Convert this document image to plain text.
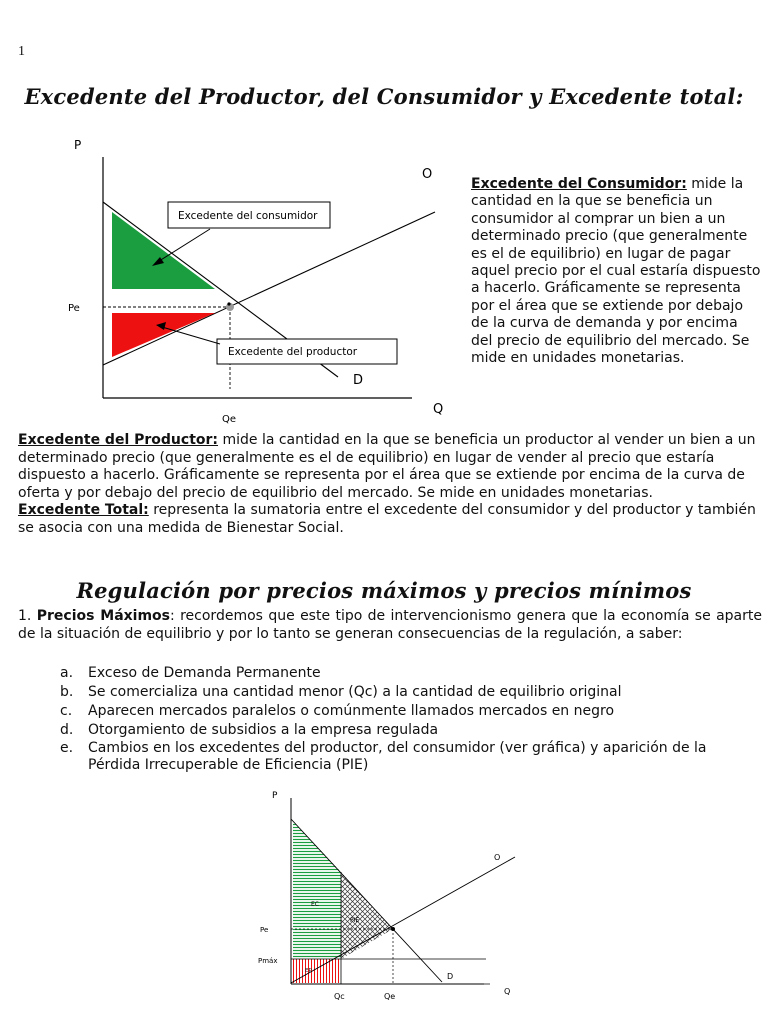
1
Excedente del Productor, del Consumidor y Excedente total:
P
Pe
Qe
O
D
Q
Excedente del consumidor
Excedente del productor
Excedente del Consumidor: mide la cantidad en la que se beneficia un consumidor al comprar un bien a un determinado precio (que generalmente es el de equilibrio) en lugar de pagar aquel precio por el cual estaría dispuesto a hacerlo. Gráficamente se representa por el área que se extiende por debajo de la curva de demanda y por encima del precio de equilibrio del mercado. Se mide en unidades monetarias.
Excedente del Productor: mide la cantidad en la que se beneficia un productor al vender un bien a un determinado precio (que generalmente es el de equilibrio) en lugar de vender al precio que estaría dispuesto a hacerlo. Gráficamente se representa por el área que se extiende por encima de la curva de oferta y por debajo del precio de equilibrio del mercado. Se mide en unidades monetarias.
Excedente Total: representa la sumatoria entre el excedente del consumidor y del productor y también se asocia con una medida de Bienestar Social.
Regulación por precios máximos y precios mínimos
1. Precios Máximos: recordemos que este tipo de intervencionismo genera que la economía se aparte de la situación de equilibrio y por lo tanto se generan consecuencias de la regulación, a saber:
a. Exceso de Demanda Permanente
b. Se comercializa una cantidad menor (Qc) a la cantidad de equilibrio original
c. Aparecen mercados paralelos o comúnmente llamados mercados en negro
d. Otorgamiento de subsidios a la empresa regulada
e. Cambios en los excedentes del productor, del consumidor (ver gráfica) y aparición de la Pérdida Irrecuperable de Eficiencia (PIE)
P
Pe
Pmáx
EC
PIE
EP
Qc	Qe
O
D
Q
